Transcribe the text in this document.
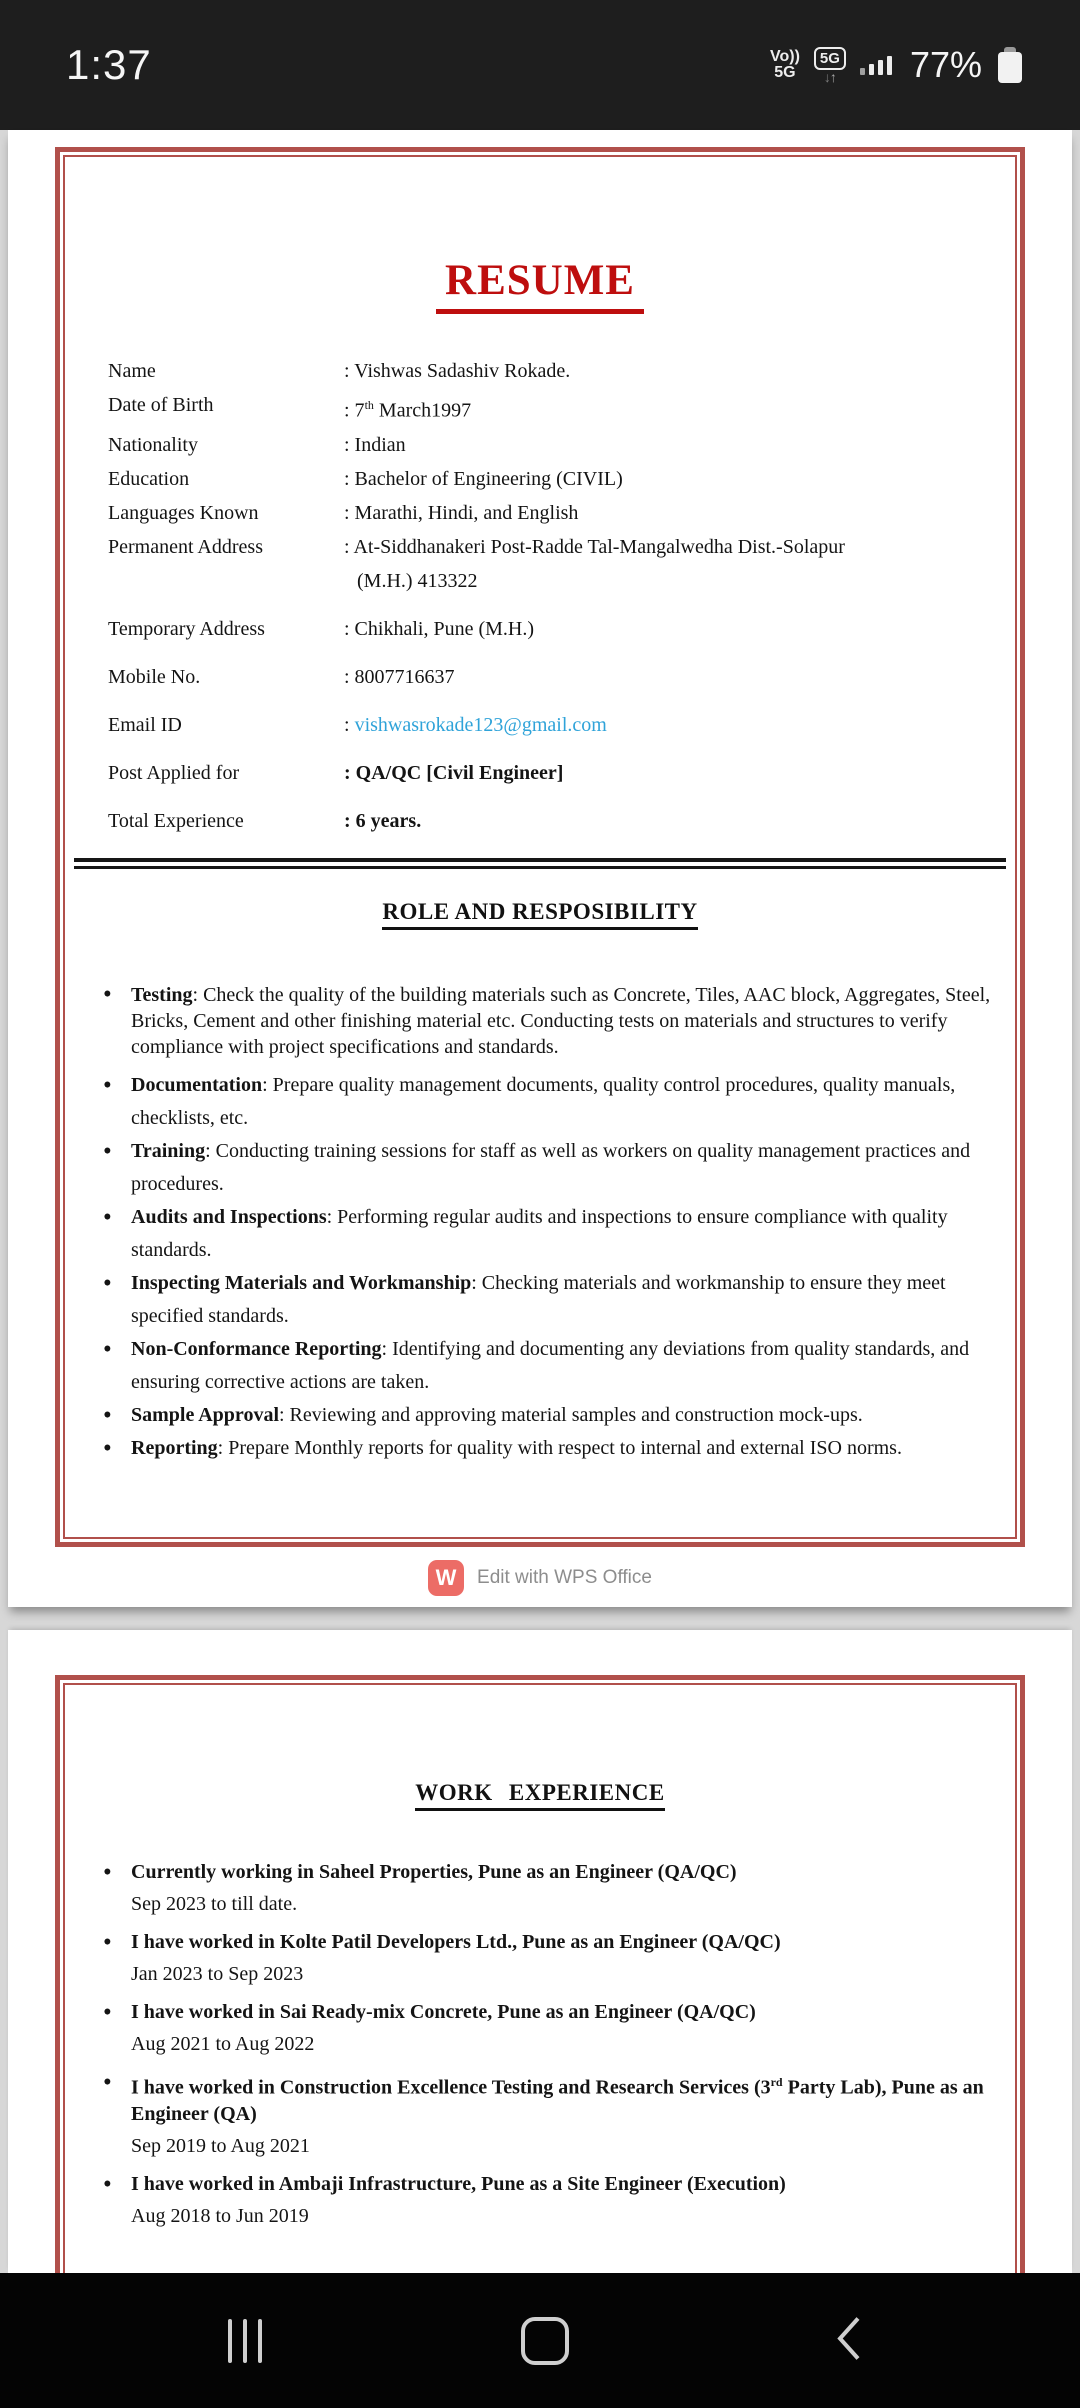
1:37	Vo))
5G
5G
↓↑ 77%
RESUME
Name	: Vishwas Sadashiv Rokade.
Date of Birth	: 7th March1997
Nationality	: Indian
Education	: Bachelor of Engineering (CIVIL)
Languages Known	: Marathi, Hindi, and English
Permanent Address	: At-Siddhanakeri Post-Radde Tal-Mangalwedha Dist.-Solapur
(M.H.) 413322
Temporary Address	: Chikhali, Pune (M.H.)
Mobile No.	: 8007716637
Email ID	: vishwasrokade123@gmail.com
Post Applied for	: QA/QC [Civil Engineer]
Total Experience	: 6 years.
ROLE AND RESPOSIBILITY
• Testing: Check the quality of the building materials such as Concrete, Tiles, AAC block, Aggregates, Steel, Bricks, Cement and other finishing material etc. Conducting tests on materials and structures to verify compliance with project specifications and standards.
• Documentation: Prepare quality management documents, quality control procedures, quality manuals, checklists, etc.
• Training: Conducting training sessions for staff as well as workers on quality management practices and procedures.
• Audits and Inspections: Performing regular audits and inspections to ensure compliance with quality standards.
• Inspecting Materials and Workmanship: Checking materials and workmanship to ensure they meet specified standards.
• Non-Conformance Reporting: Identifying and documenting any deviations from quality standards, and ensuring corrective actions are taken.
• Sample Approval: Reviewing and approving material samples and construction mock-ups.
• Reporting: Prepare Monthly reports for quality with respect to internal and external ISO norms.
W	Edit with WPS Office
WORK EXPERIENCE
• Currently working in Saheel Properties, Pune as an Engineer (QA/QC)
Sep 2023 to till date.
• I have worked in Kolte Patil Developers Ltd., Pune as an Engineer (QA/QC)
Jan 2023 to Sep 2023
• I have worked in Sai Ready-mix Concrete, Pune as an Engineer (QA/QC)
Aug 2021 to Aug 2022
• I have worked in Construction Excellence Testing and Research Services (3rd Party Lab), Pune as an Engineer (QA)
Sep 2019 to Aug 2021
• I have worked in Ambaji Infrastructure, Pune as a Site Engineer (Execution)
Aug 2018 to Jun 2019
